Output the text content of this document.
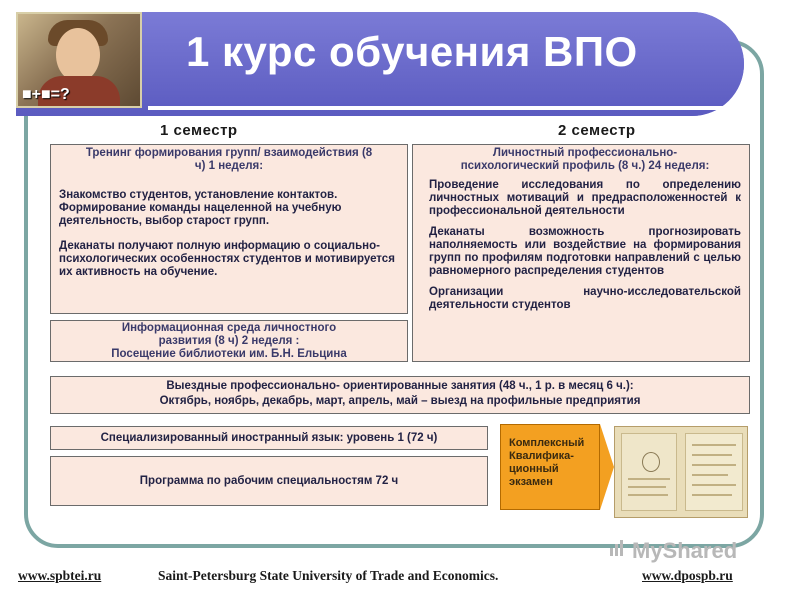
■+■=?
1 курс обучения ВПО
1 семестр	2 семестр

Тренинг формирования групп/ взаимодействия (8 ч) 1 неделя:

Знакомство студентов, установление контактов. Формирование команды нацеленной на учебную деятельность, выбор старост групп.

Деканаты получают полную информацию о социально-психологических особенностях студентов и мотивируется их активность на обучение.

Информационная среда личностного развития (8 ч) 2 неделя :

Посещение библиотеки им. Б.Н. Ельцина

Личностный профессионально-психологический профиль (8 ч.) 24 неделя:

Проведение исследования по определению личностных мотиваций и предрасположенностей к профессиональной деятельности

Деканаты возможность прогнозировать наполняемость или воздействие на формирования групп по профилям подготовки направлений с целью равномерного распределения студентов

Организации научно-исследовательской деятельности студентов

Выездные профессионально- ориентированные занятия (48 ч., 1 р. в месяц 6 ч.):

Октябрь, ноябрь, декабрь, март, апрель, май – выезд на профильные предприятия

Специализированный иностранный язык: уровень 1 (72 ч)

Программа по рабочим специальностям 72 ч

Комплексный Квалифика-ционный экзамен

MyShared
www.spbtei.ru	Saint-Petersburg State University of Trade and Economics.	www.dpospb.ru
